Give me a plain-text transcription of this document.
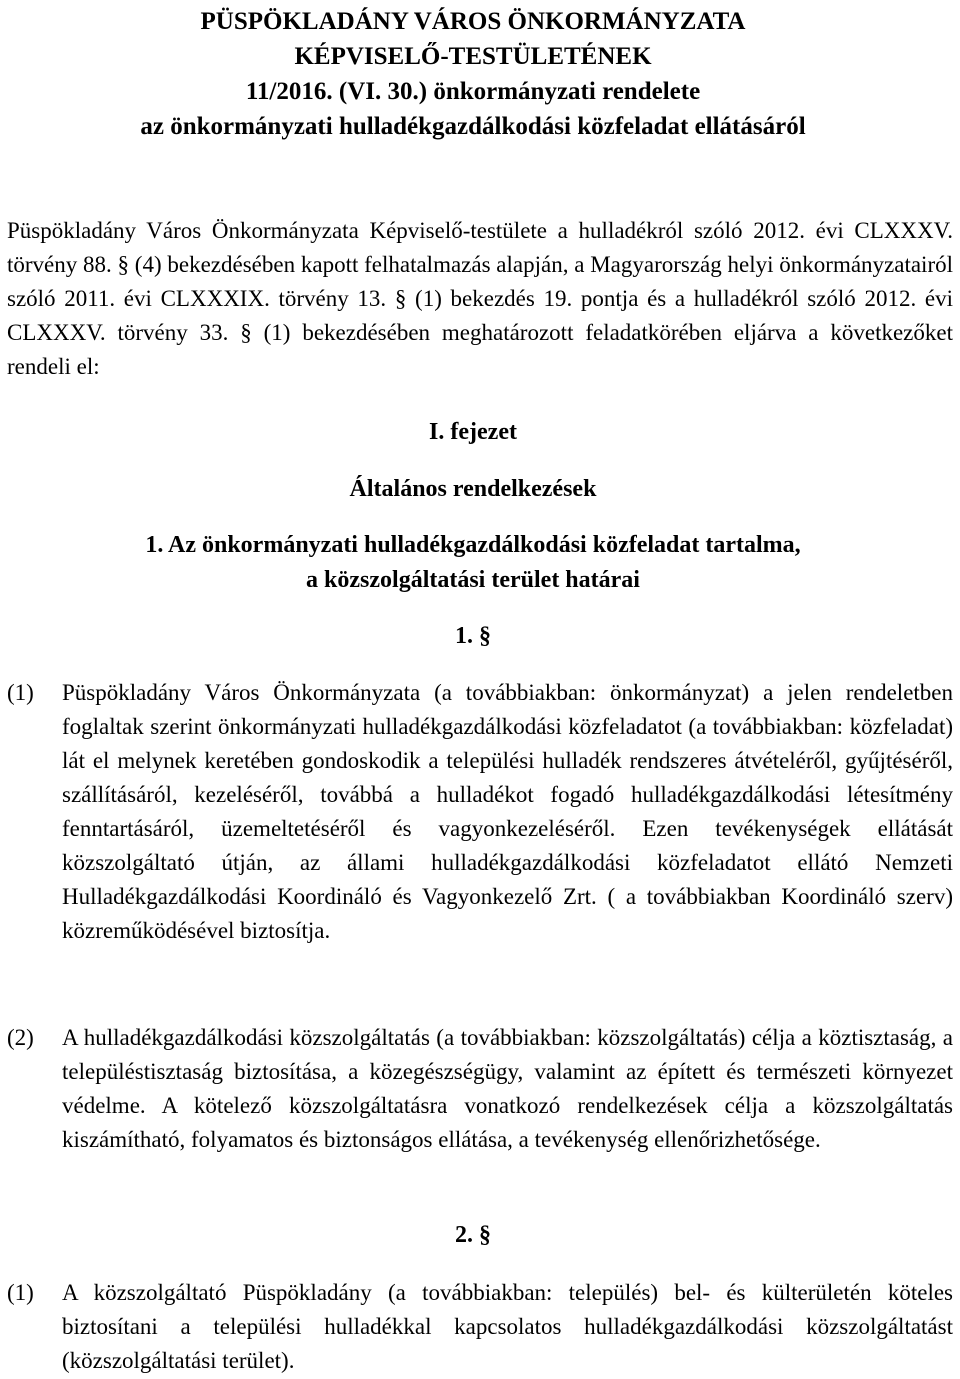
PÜSPÖKLADÁNY VÁROS ÖNKORMÁNYZATA
KÉPVISELŐ-TESTÜLETÉNEK
11/2016. (VI. 30.) önkormányzati rendelete
az önkormányzati hulladékgazdálkodási közfeladat ellátásáról
Püspökladány Város Önkormányzata Képviselő-testülete a hulladékról szóló 2012. évi CLXXXV. törvény 88. § (4) bekezdésében kapott felhatalmazás alapján, a Magyarország helyi önkormányzatairól szóló 2011. évi CLXXXIX. törvény 13. § (1) bekezdés 19. pontja és a hulladékról szóló 2012. évi CLXXXV. törvény 33. § (1) bekezdésében meghatározott feladatkörében eljárva a következőket rendeli el:
I. fejezet
Általános rendelkezések
1. Az önkormányzati hulladékgazdálkodási közfeladat tartalma,
a közszolgáltatási terület határai
1. §
(1) Püspökladány Város Önkormányzata (a továbbiakban: önkormányzat) a jelen rendeletben foglaltak szerint önkormányzati hulladékgazdálkodási közfeladatot (a továbbiakban: közfeladat) lát el melynek keretében gondoskodik a települési hulladék rendszeres átvételéről, gyűjtéséről, szállításáról, kezeléséről, továbbá a hulladékot fogadó hulladékgazdálkodási létesítmény fenntartásáról, üzemeltetéséről és vagyonkezeléséről. Ezen tevékenységek ellátását közszolgáltató útján, az állami hulladékgazdálkodási közfeladatot ellátó Nemzeti Hulladékgazdálkodási Koordináló és Vagyonkezelő Zrt. ( a továbbiakban Koordináló szerv) közreműködésével biztosítja.
(2) A hulladékgazdálkodási közszolgáltatás (a továbbiakban: közszolgáltatás) célja a köztisztaság, a településtisztaság biztosítása, a közegészségügy, valamint az épített és természeti környezet védelme. A kötelező közszolgáltatásra vonatkozó rendelkezések célja a közszolgáltatás kiszámítható, folyamatos és biztonságos ellátása, a tevékenység ellenőrizhetősége.
2. §
(1) A közszolgáltató Püspökladány (a továbbiakban: település) bel- és külterületén köteles biztosítani a települési hulladékkal kapcsolatos hulladékgazdálkodási közszolgáltatást (közszolgáltatási terület).
